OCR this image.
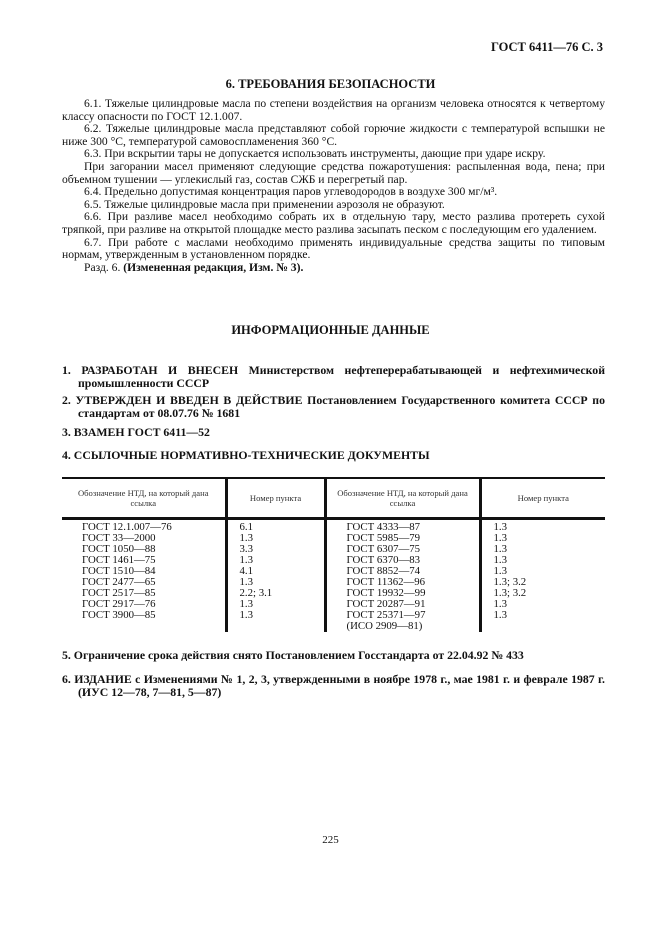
ГОСТ 6411—76 С. 3
6. ТРЕБОВАНИЯ БЕЗОПАСНОСТИ

6.1. Тяжелые цилиндровые масла по степени воздействия на организм человека относятся к четвертому классу опасности по ГОСТ 12.1.007.

6.2. Тяжелые цилиндровые масла представляют собой горючие жидкости с температурой вспышки не ниже 300 °С, температурой самовоспламенения 360 °С.

6.3. При вскрытии тары не допускается использовать инструменты, дающие при ударе искру.

При загорании масел применяют следующие средства пожаротушения: распыленная вода, пена; при объемном тушении — углекислый газ, состав СЖБ и перегретый пар.

6.4. Предельно допустимая концентрация паров углеводородов в воздухе 300 мг/м³.

6.5. Тяжелые цилиндровые масла при применении аэрозоля не образуют.

6.6. При разливе масел необходимо собрать их в отдельную тару, место разлива протереть сухой тряпкой, при разливе на открытой площадке место разлива засыпать песком с последующим его удалением.

6.7. При работе с маслами необходимо применять индивидуальные средства защиты по типовым нормам, утвержденным в установленном порядке.

Разд. 6. (Измененная редакция, Изм. № 3).

ИНФОРМАЦИОННЫЕ ДАННЫЕ
1. РАЗРАБОТАН И ВНЕСЕН Министерством нефтеперерабатывающей и нефтехимической промышленности СССР
2. УТВЕРЖДЕН И ВВЕДЕН В ДЕЙСТВИЕ Постановлением Государственного комитета СССР по стандартам от 08.07.76 № 1681
3. ВЗАМЕН ГОСТ 6411—52
4. ССЫЛОЧНЫЕ НОРМАТИВНО-ТЕХНИЧЕСКИЕ ДОКУМЕНТЫ
Обозначение НТД, на который дана ссылка	Номер пункта	Обозначение НТД, на который дана ссылка	Номер пункта
ГОСТ 12.1.007—76	6.1	ГОСТ 4333—87	1.3
ГОСТ 33—2000	1.3	ГОСТ 5985—79	1.3
ГОСТ 1050—88	3.3	ГОСТ 6307—75	1.3
ГОСТ 1461—75	1.3	ГОСТ 6370—83	1.3
ГОСТ 1510—84	4.1	ГОСТ 8852—74	1.3
ГОСТ 2477—65	1.3	ГОСТ 11362—96	1.3; 3.2
ГОСТ 2517—85	2.2; 3.1	ГОСТ 19932—99	1.3; 3.2
ГОСТ 2917—76	1.3	ГОСТ 20287—91	1.3
ГОСТ 3900—85	1.3	ГОСТ 25371—97	1.3
		(ИСО 2909—81)	
5. Ограничение срока действия снято Постановлением Госстандарта от 22.04.92 № 433
6. ИЗДАНИЕ с Изменениями № 1, 2, 3, утвержденными в ноябре 1978 г., мае 1981 г. и феврале 1987 г. (ИУС 12—78, 7—81, 5—87)
225
